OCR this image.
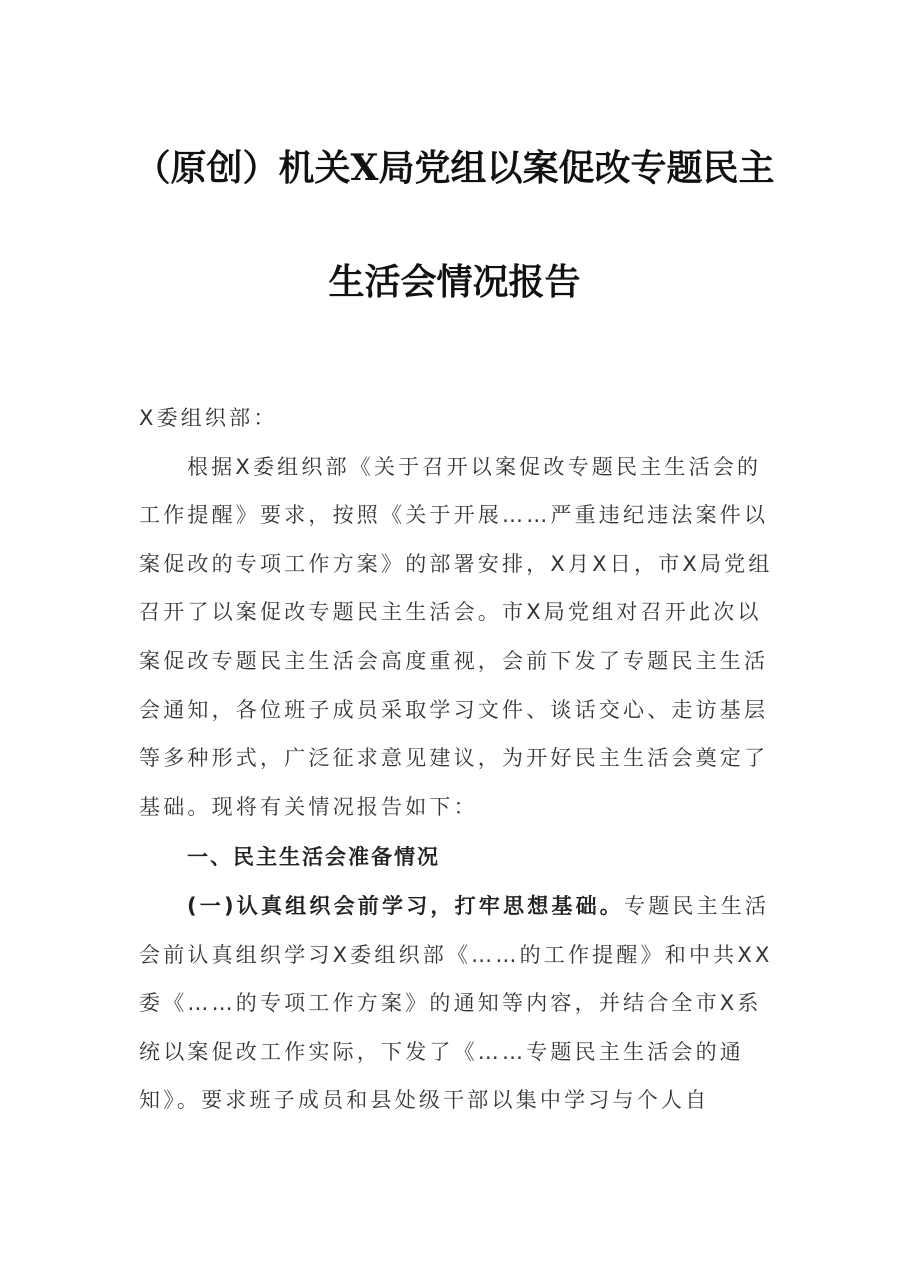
（原创）机关X局党组以案促改专题民主
生活会情况报告

X委组织部：

根据X委组织部《关于召开以案促改专题民主生活会的工作提醒》要求，按照《关于开展……严重违纪违法案件以案促改的专项工作方案》的部署安排，X月X日，市X局党组召开了以案促改专题民主生活会。市X局党组对召开此次以案促改专题民主生活会高度重视，会前下发了专题民主生活会通知，各位班子成员采取学习文件、谈话交心、走访基层等多种形式，广泛征求意见建议，为开好民主生活会奠定了基础。现将有关情况报告如下：

一、民主生活会准备情况

(一)认真组织会前学习，打牢思想基础。专题民主生活会前认真组织学习X委组织部《……的工作提醒》和中共XX委《……的专项工作方案》的通知等内容，并结合全市X系统以案促改工作实际，下发了《……专题民主生活会的通知》。要求班子成员和县处级干部以集中学习与个人自
